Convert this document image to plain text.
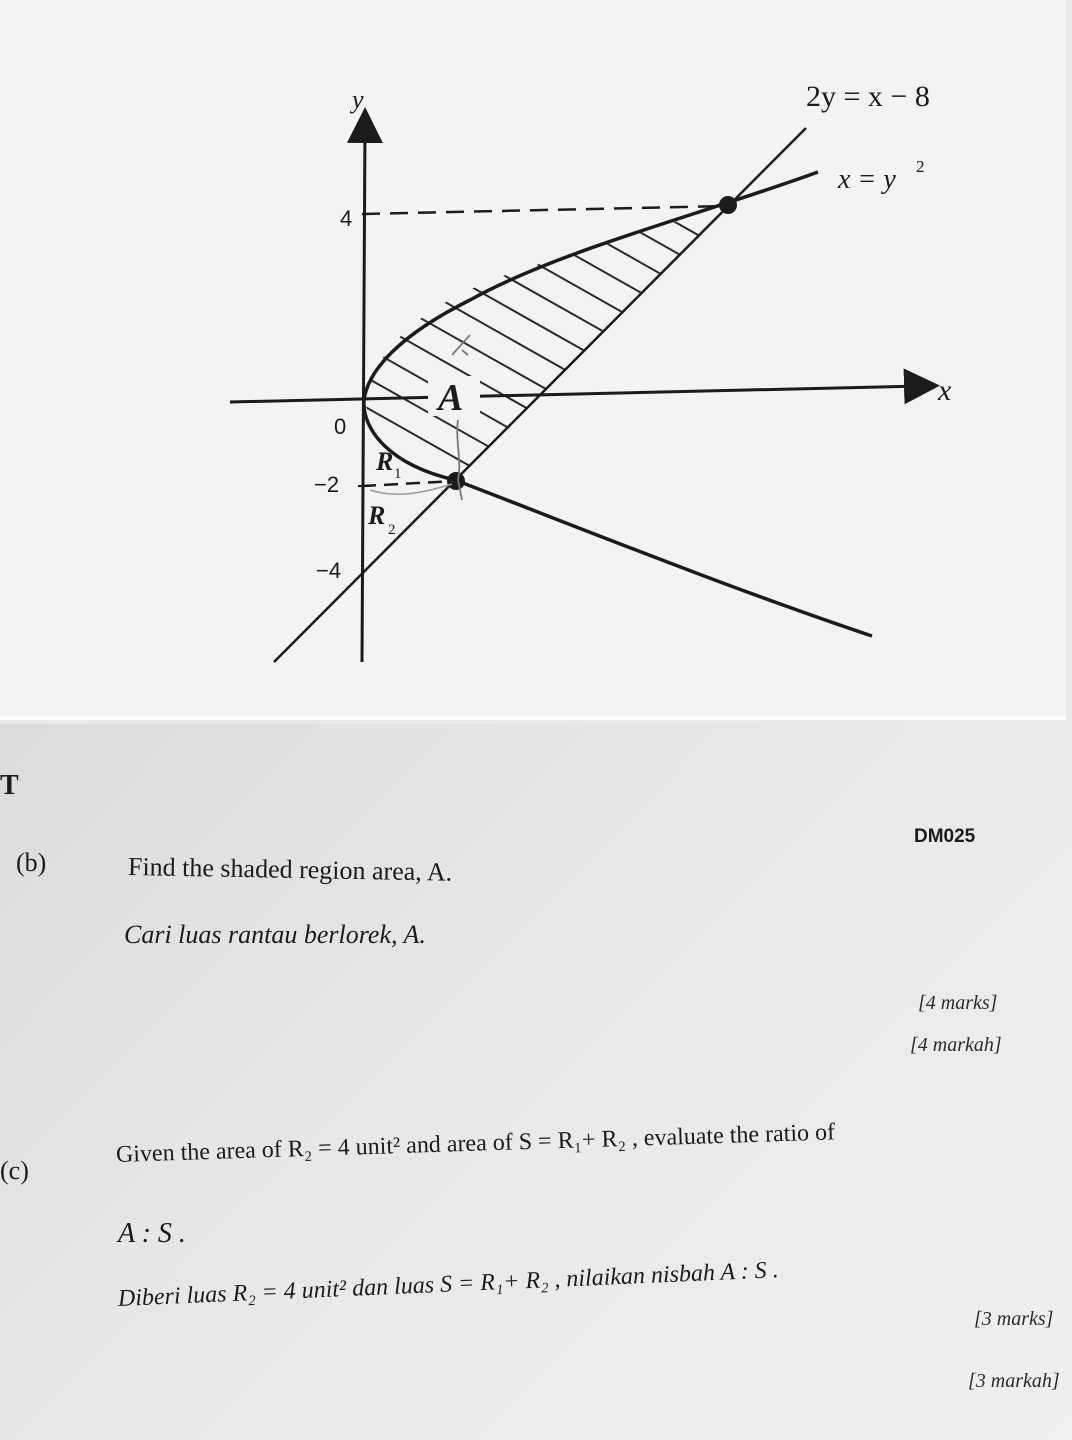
y
x
2y = x − 8
x = y 2
4
0
−2
−4
A
R 1
R 2
T
DM025
(b)	Find the shaded region area, A.
Cari luas rantau berlorek, A.
[4 marks]
[4 markah]
(c)
Given the area of R₂ = 4 unit² and area of S = R₁+ R₂ , evaluate the ratio of
A : S .
Diberi luas R₂ = 4 unit² dan luas S = R₁+ R₂ , nilaikan nisbah A : S .
[3 marks]
[3 markah]
